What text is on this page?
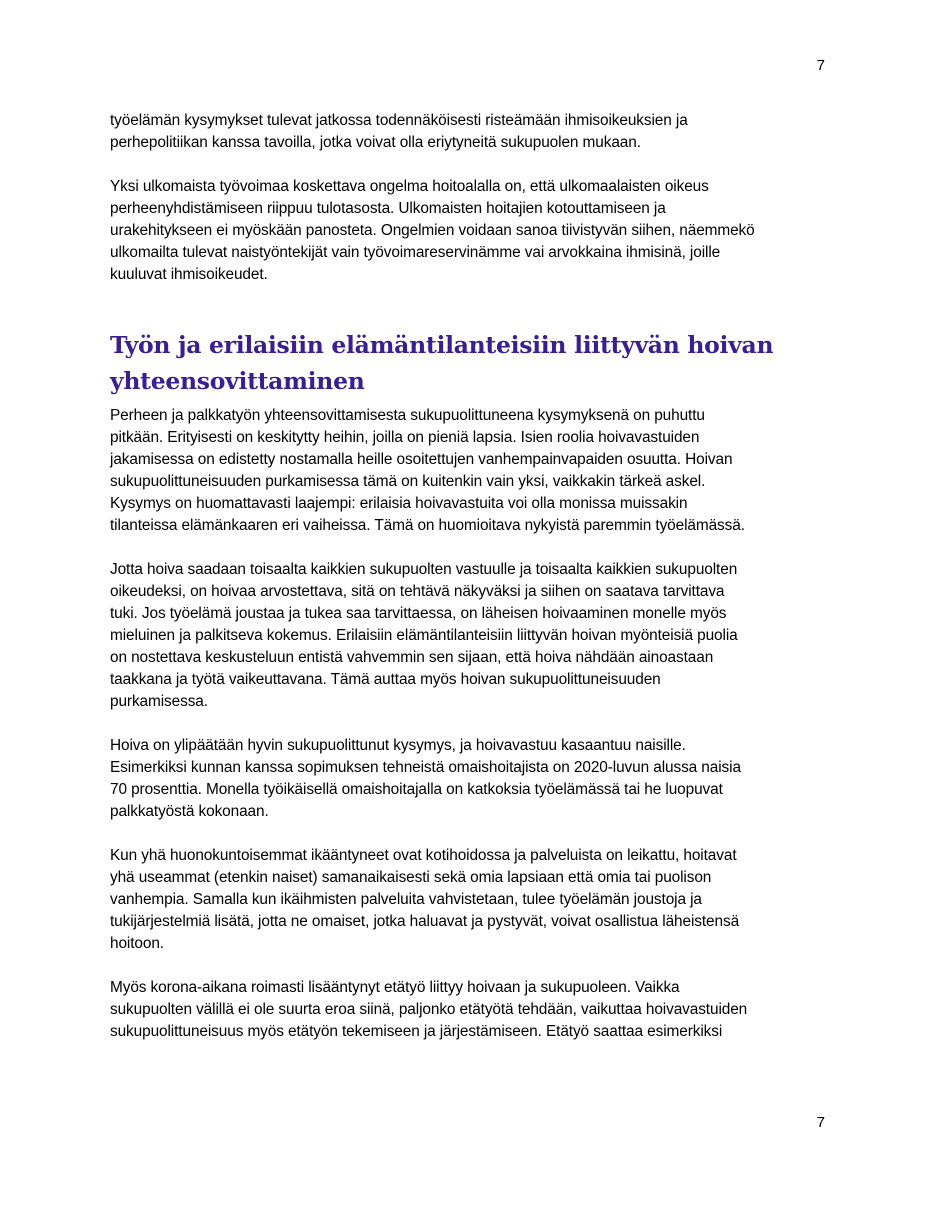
7

työelämän kysymykset tulevat jatkossa todennäköisesti risteämään ihmisoikeuksien ja
perhepolitiikan kanssa tavoilla, jotka voivat olla eriytyneitä sukupuolen mukaan.

Yksi ulkomaista työvoimaa koskettava ongelma hoitoalalla on, että ulkomaalaisten oikeus
perheenyhdistämiseen riippuu tulotasosta. Ulkomaisten hoitajien kotouttamiseen ja
urakehitykseen ei myöskään panosteta. Ongelmien voidaan sanoa tiivistyvän siihen, näemmekö
ulkomailta tulevat naistyöntekijät vain työvoimareservinämme vai arvokkaina ihmisinä, joille
kuuluvat ihmisoikeudet.

Työn ja erilaisiin elämäntilanteisiin liittyvän hoivan
yhteensovittaminen

Perheen ja palkkatyön yhteensovittamisesta sukupuolittuneena kysymyksenä on puhuttu
pitkään. Erityisesti on keskitytty heihin, joilla on pieniä lapsia. Isien roolia hoivavastuiden
jakamisessa on edistetty nostamalla heille osoitettujen vanhempainvapaiden osuutta. Hoivan
sukupuolittuneisuuden purkamisessa tämä on kuitenkin vain yksi, vaikkakin tärkeä askel.
Kysymys on huomattavasti laajempi: erilaisia hoivavastuita voi olla monissa muissakin
tilanteissa elämänkaaren eri vaiheissa. Tämä on huomioitava nykyistä paremmin työelämässä.

Jotta hoiva saadaan toisaalta kaikkien sukupuolten vastuulle ja toisaalta kaikkien sukupuolten
oikeudeksi, on hoivaa arvostettava, sitä on tehtävä näkyväksi ja siihen on saatava tarvittava
tuki. Jos työelämä joustaa ja tukea saa tarvittaessa, on läheisen hoivaaminen monelle myös
mieluinen ja palkitseva kokemus. Erilaisiin elämäntilanteisiin liittyvän hoivan myönteisiä puolia
on nostettava keskusteluun entistä vahvemmin sen sijaan, että hoiva nähdään ainoastaan
taakkana ja työtä vaikeuttavana. Tämä auttaa myös hoivan sukupuolittuneisuuden
purkamisessa.

Hoiva on ylipäätään hyvin sukupuolittunut kysymys, ja hoivavastuu kasaantuu naisille.
Esimerkiksi kunnan kanssa sopimuksen tehneistä omaishoitajista on 2020-luvun alussa naisia
70 prosenttia. Monella työikäisellä omaishoitajalla on katkoksia työelämässä tai he luopuvat
palkkatyöstä kokonaan.

Kun yhä huonokuntoisemmat ikääntyneet ovat kotihoidossa ja palveluista on leikattu, hoitavat
yhä useammat (etenkin naiset) samanaikaisesti sekä omia lapsiaan että omia tai puolison
vanhempia. Samalla kun ikäihmisten palveluita vahvistetaan, tulee työelämän joustoja ja
tukijärjestelmiä lisätä, jotta ne omaiset, jotka haluavat ja pystyvät, voivat osallistua läheistensä
hoitoon.

Myös korona-aikana roimasti lisääntynyt etätyö liittyy hoivaan ja sukupuoleen. Vaikka
sukupuolten välillä ei ole suurta eroa siinä, paljonko etätyötä tehdään, vaikuttaa hoivavastuiden
sukupuolittuneisuus myös etätyön tekemiseen ja järjestämiseen. Etätyö saattaa esimerkiksi

7
